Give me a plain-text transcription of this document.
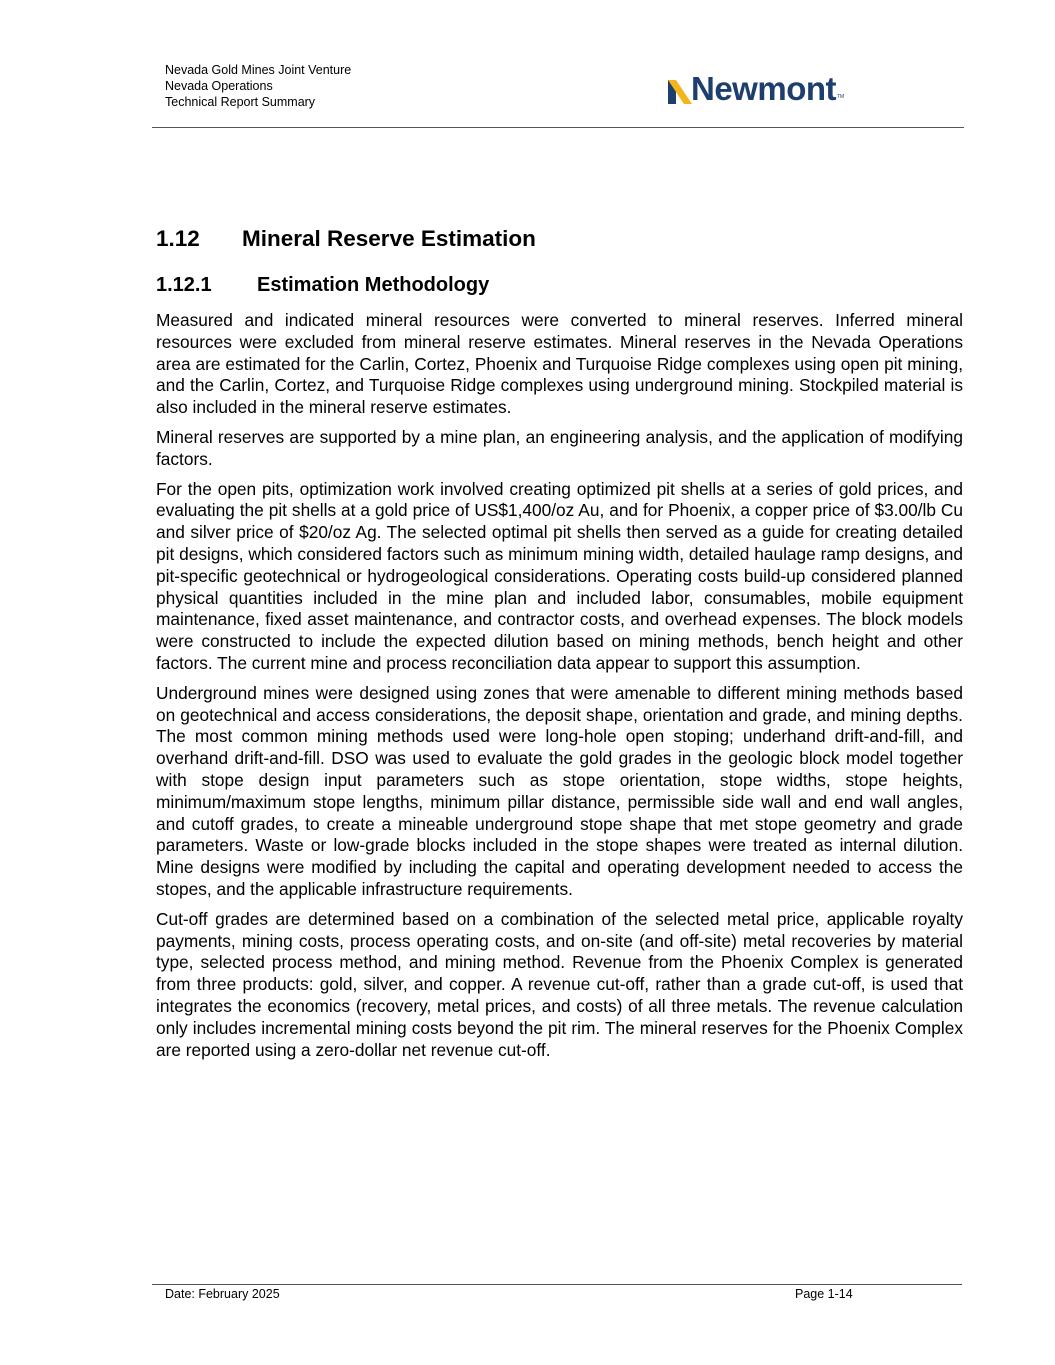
Nevada Gold Mines Joint Venture
Nevada Operations
Technical Report Summary	Newmont TM
1.12	Mineral Reserve Estimation
1.12.1	Estimation Methodology

Measured and indicated mineral resources were converted to mineral reserves. Inferred mineral resources were excluded from mineral reserve estimates. Mineral reserves in the Nevada Operations area are estimated for the Carlin, Cortez, Phoenix and Turquoise Ridge complexes using open pit mining, and the Carlin, Cortez, and Turquoise Ridge complexes using underground mining. Stockpiled material is also included in the mineral reserve estimates.

Mineral reserves are supported by a mine plan, an engineering analysis, and the application of modifying factors.

For the open pits, optimization work involved creating optimized pit shells at a series of gold prices, and evaluating the pit shells at a gold price of US$1,400/oz Au, and for Phoenix, a copper price of $3.00/lb Cu and silver price of $20/oz Ag. The selected optimal pit shells then served as a guide for creating detailed pit designs, which considered factors such as minimum mining width, detailed haulage ramp designs, and pit-specific geotechnical or hydrogeological considerations. Operating costs build-up considered planned physical quantities included in the mine plan and included labor, consumables, mobile equipment maintenance, fixed asset maintenance, and contractor costs, and overhead expenses. The block models were constructed to include the expected dilution based on mining methods, bench height and other factors. The current mine and process reconciliation data appear to support this assumption.

Underground mines were designed using zones that were amenable to different mining methods based on geotechnical and access considerations, the deposit shape, orientation and grade, and mining depths. The most common mining methods used were long-hole open stoping; underhand drift-and-fill, and overhand drift-and-fill. DSO was used to evaluate the gold grades in the geologic block model together with stope design input parameters such as stope orientation, stope widths, stope heights, minimum/maximum stope lengths, minimum pillar distance, permissible side wall and end wall angles, and cutoff grades, to create a mineable underground stope shape that met stope geometry and grade parameters. Waste or low-grade blocks included in the stope shapes were treated as internal dilution. Mine designs were modified by including the capital and operating development needed to access the stopes, and the applicable infrastructure requirements.

Cut-off grades are determined based on a combination of the selected metal price, applicable royalty payments, mining costs, process operating costs, and on-site (and off-site) metal recoveries by material type, selected process method, and mining method. Revenue from the Phoenix Complex is generated from three products: gold, silver, and copper. A revenue cut-off, rather than a grade cut-off, is used that integrates the economics (recovery, metal prices, and costs) of all three metals. The revenue calculation only includes incremental mining costs beyond the pit rim. The mineral reserves for the Phoenix Complex are reported using a zero-dollar net revenue cut-off.

Date: February 2025	Page 1-14
